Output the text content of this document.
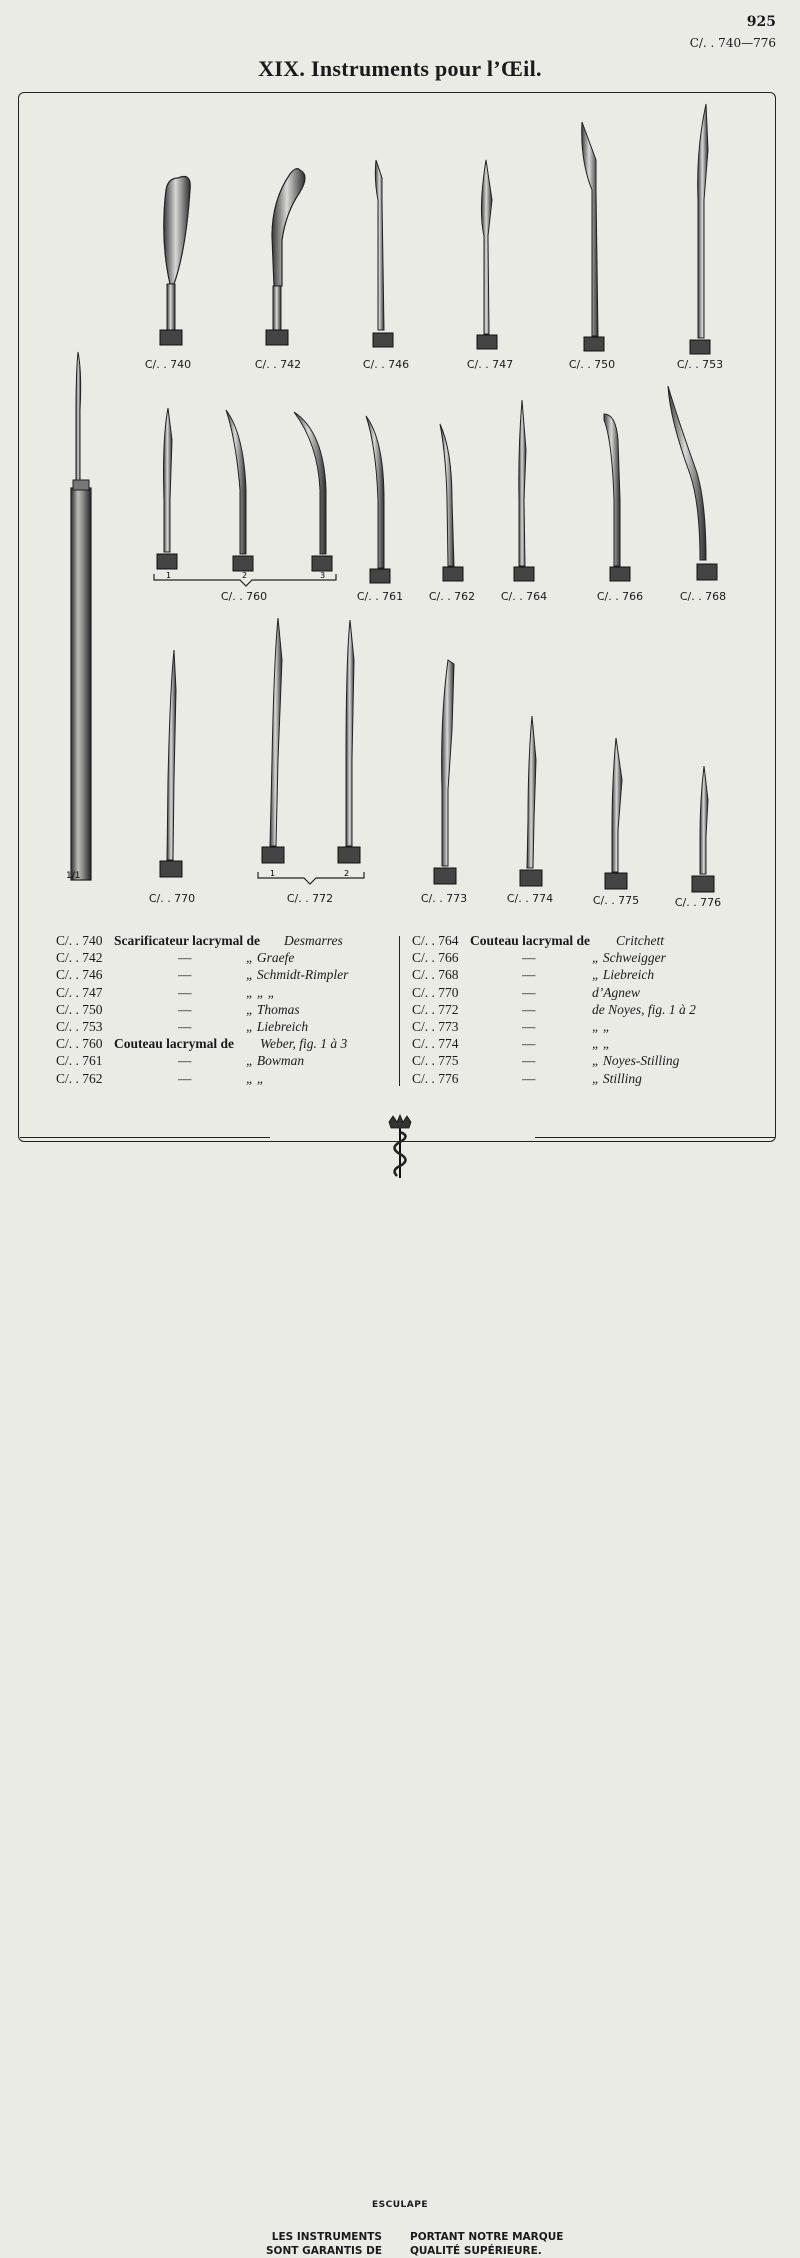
925
C/. . 740—776
XIX. Instruments pour l’Œil.
1/1
1	2	3
1	2
C/. . 740	C/. . 742	C/. . 746	C/. . 747	C/. . 750	C/. . 753
C/. . 760	C/. . 761 C/. . 762 C/. . 764	C/. . 766	C/. . 768
C/. . 770	C/. . 772	C/. . 773	C/. . 774	C/. . 775	C/. . 776
C/. . 740 Scarificateur lacrymal de Desmarres
C/. . 742	—	„ Graefe
C/. . 746	—	„ Schmidt-Rimpler
C/. . 747	—	„ „ „
C/. . 750	—	„ Thomas
C/. . 753	—	„ Liebreich
C/. . 760 Couteau lacrymal de Weber, fig. 1 à 3
C/. . 761	—	„ Bowman
C/. . 762	—	„ „
C/. . 764 Couteau lacrymal de Critchett
C/. . 766	—	„ Schweigger
C/. . 768	—	„ Liebreich
C/. . 770	—	d’Agnew
C/. . 772	—	de Noyes, fig. 1 à 2
C/. . 773	—	„ „
C/. . 774	—	„ „
C/. . 775	—	„ Noyes-Stilling
C/. . 776	—	„ Stilling
ESCULAPE
LES INSTRUMENTS
SONT GARANTIS DE
PORTANT NOTRE MARQUE
QUALITÉ SUPÉRIEURE.
